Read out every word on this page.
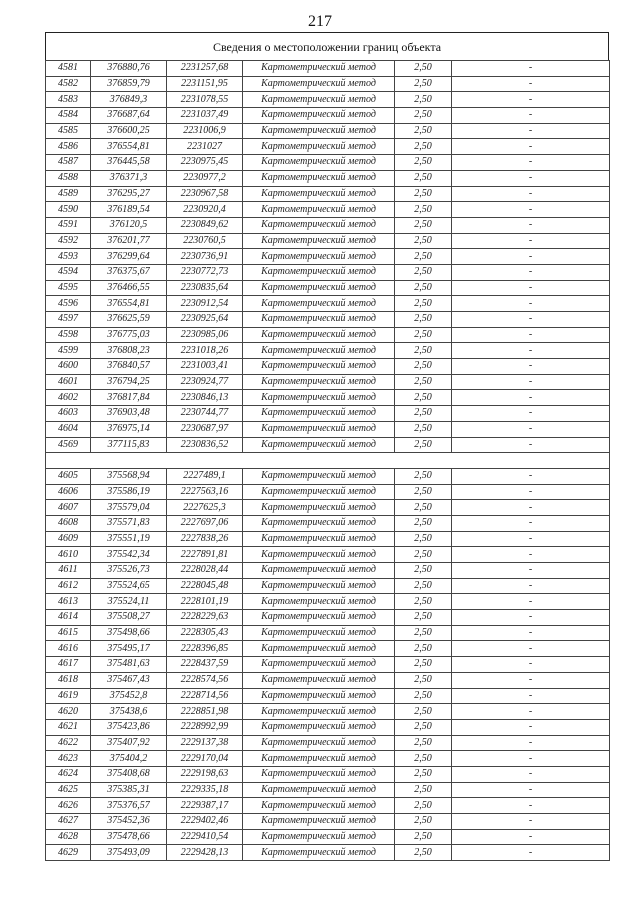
217
Сведения о местоположении границ объекта
4581	376880,76	2231257,68	Картометрический метод	2,50	-
4582	376859,79	2231151,95	Картометрический метод	2,50	-
4583	376849,3	2231078,55	Картометрический метод	2,50	-
4584	376687,64	2231037,49	Картометрический метод	2,50	-
4585	376600,25	2231006,9	Картометрический метод	2,50	-
4586	376554,81	2231027	Картометрический метод	2,50	-
4587	376445,58	2230975,45	Картометрический метод	2,50	-
4588	376371,3	2230977,2	Картометрический метод	2,50	-
4589	376295,27	2230967,58	Картометрический метод	2,50	-
4590	376189,54	2230920,4	Картометрический метод	2,50	-
4591	376120,5	2230849,62	Картометрический метод	2,50	-
4592	376201,77	2230760,5	Картометрический метод	2,50	-
4593	376299,64	2230736,91	Картометрический метод	2,50	-
4594	376375,67	2230772,73	Картометрический метод	2,50	-
4595	376466,55	2230835,64	Картометрический метод	2,50	-
4596	376554,81	2230912,54	Картометрический метод	2,50	-
4597	376625,59	2230925,64	Картометрический метод	2,50	-
4598	376775,03	2230985,06	Картометрический метод	2,50	-
4599	376808,23	2231018,26	Картометрический метод	2,50	-
4600	376840,57	2231003,41	Картометрический метод	2,50	-
4601	376794,25	2230924,77	Картометрический метод	2,50	-
4602	376817,84	2230846,13	Картометрический метод	2,50	-
4603	376903,48	2230744,77	Картометрический метод	2,50	-
4604	376975,14	2230687,97	Картометрический метод	2,50	-
4569	377115,83	2230836,52	Картометрический метод	2,50	-

4605	375568,94	2227489,1	Картометрический метод	2,50	-
4606	375586,19	2227563,16	Картометрический метод	2,50	-
4607	375579,04	2227625,3	Картометрический метод	2,50	-
4608	375571,83	2227697,06	Картометрический метод	2,50	-
4609	375551,19	2227838,26	Картометрический метод	2,50	-
4610	375542,34	2227891,81	Картометрический метод	2,50	-
4611	375526,73	2228028,44	Картометрический метод	2,50	-
4612	375524,65	2228045,48	Картометрический метод	2,50	-
4613	375524,11	2228101,19	Картометрический метод	2,50	-
4614	375508,27	2228229,63	Картометрический метод	2,50	-
4615	375498,66	2228305,43	Картометрический метод	2,50	-
4616	375495,17	2228396,85	Картометрический метод	2,50	-
4617	375481,63	2228437,59	Картометрический метод	2,50	-
4618	375467,43	2228574,56	Картометрический метод	2,50	-
4619	375452,8	2228714,56	Картометрический метод	2,50	-
4620	375438,6	2228851,98	Картометрический метод	2,50	-
4621	375423,86	2228992,99	Картометрический метод	2,50	-
4622	375407,92	2229137,38	Картометрический метод	2,50	-
4623	375404,2	2229170,04	Картометрический метод	2,50	-
4624	375408,68	2229198,63	Картометрический метод	2,50	-
4625	375385,31	2229335,18	Картометрический метод	2,50	-
4626	375376,57	2229387,17	Картометрический метод	2,50	-
4627	375452,36	2229402,46	Картометрический метод	2,50	-
4628	375478,66	2229410,54	Картометрический метод	2,50	-
4629	375493,09	2229428,13	Картометрический метод	2,50	-
